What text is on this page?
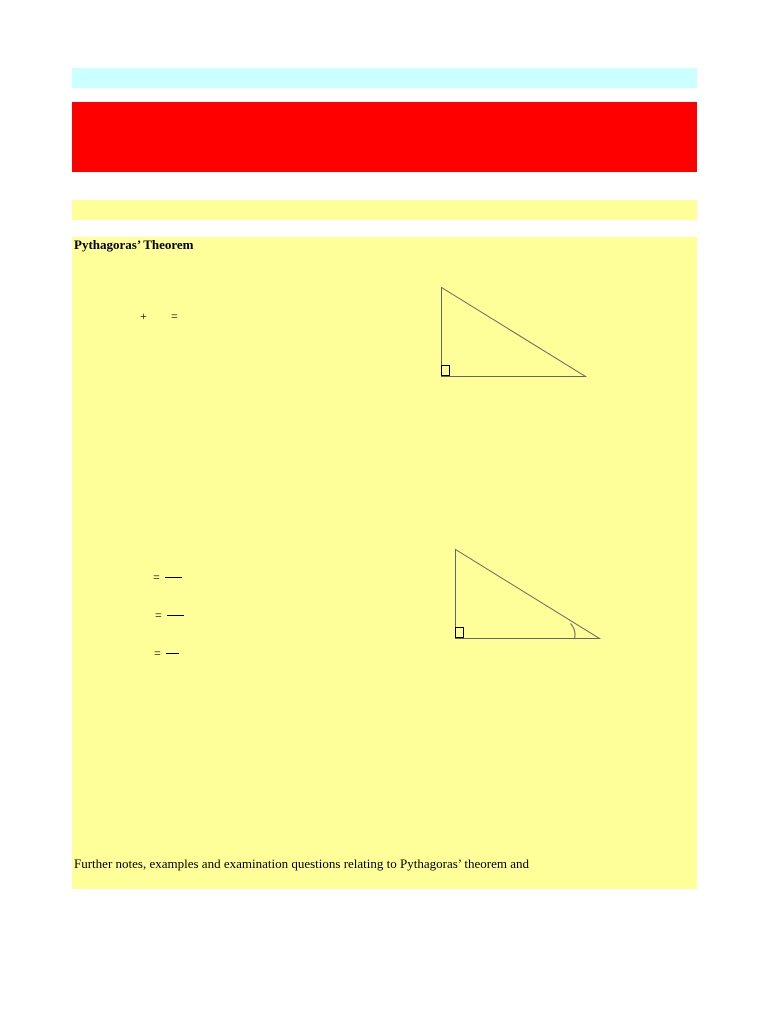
Pythagoras’ Theorem
+ =
=
=
=
Further notes, examples and examination questions relating to Pythagoras’ theorem and
